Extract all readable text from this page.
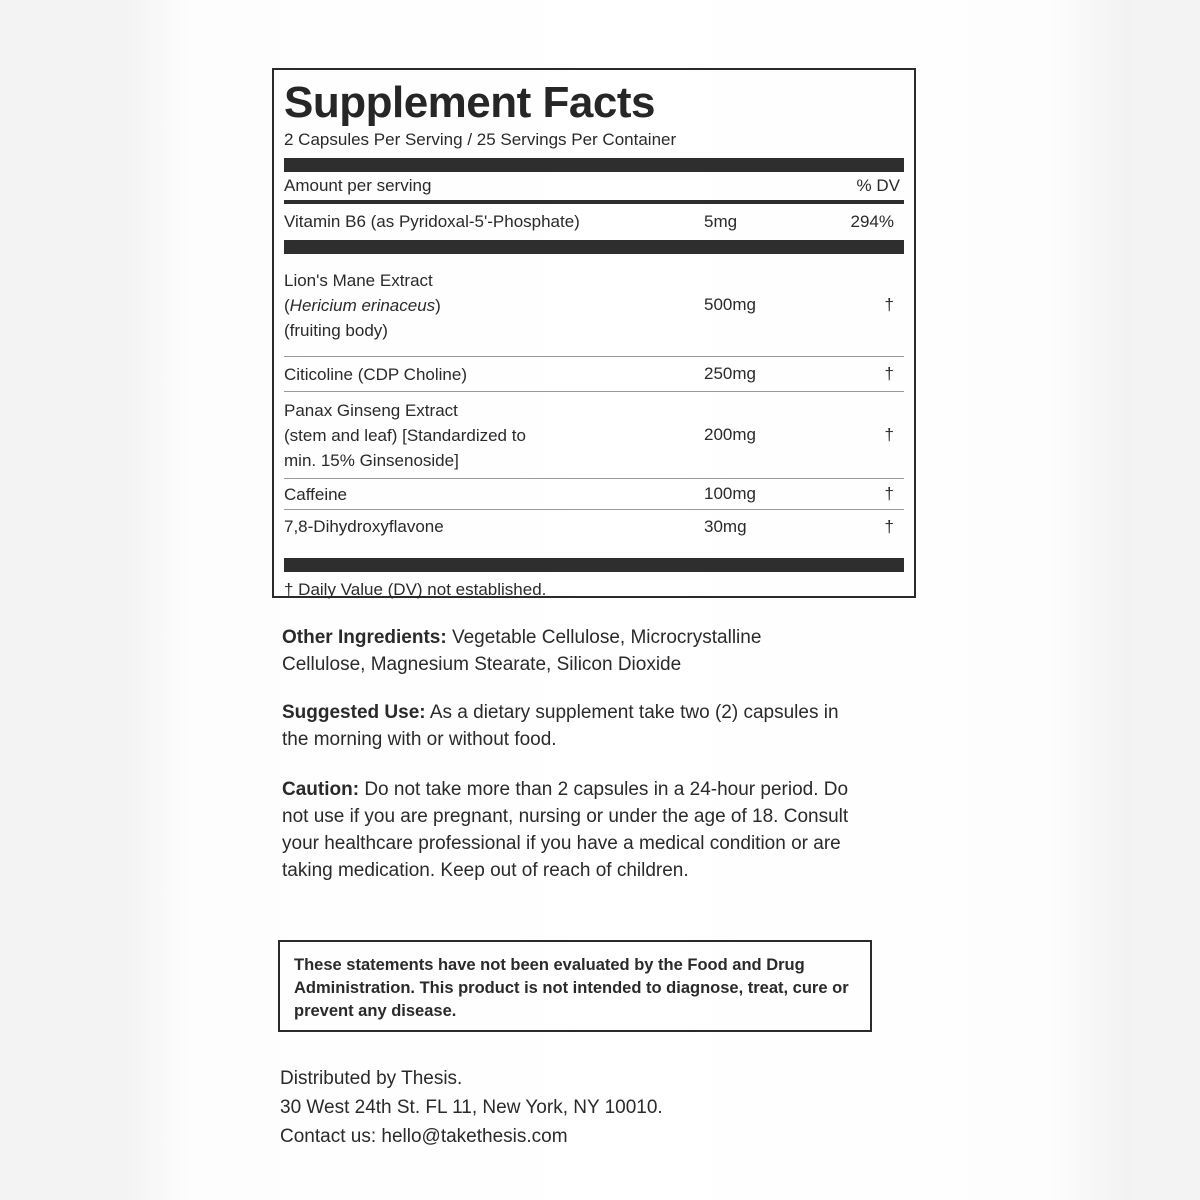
Supplement Facts
2 Capsules Per Serving / 25 Servings Per Container
Amount per serving	% DV
Vitamin B6 (as Pyridoxal-5'-Phosphate)	5mg	294%
Lion's Mane Extract
(Hericium erinaceus)
(fruiting body)
500mg	†
Citicoline (CDP Choline)	250mg	†
Panax Ginseng Extract
(stem and leaf) [Standardized to
min. 15% Ginsenoside]
200mg	†
Caffeine	100mg	†
7,8-Dihydroxyflavone	30mg	†
† Daily Value (DV) not established.
Other Ingredients: Vegetable Cellulose, Microcrystalline Cellulose, Magnesium Stearate, Silicon Dioxide
Suggested Use: As a dietary supplement take two (2) capsules in the morning with or without food.
Caution: Do not take more than 2 capsules in a 24-hour period. Do not use if you are pregnant, nursing or under the age of 18. Consult your healthcare professional if you have a medical condition or are taking medication. Keep out of reach of children.
These statements have not been evaluated by the Food and Drug Administration. This product is not intended to diagnose, treat, cure or prevent any disease.
Distributed by Thesis.
30 West 24th St. FL 11, New York, NY 10010.
Contact us: hello@takethesis.com
